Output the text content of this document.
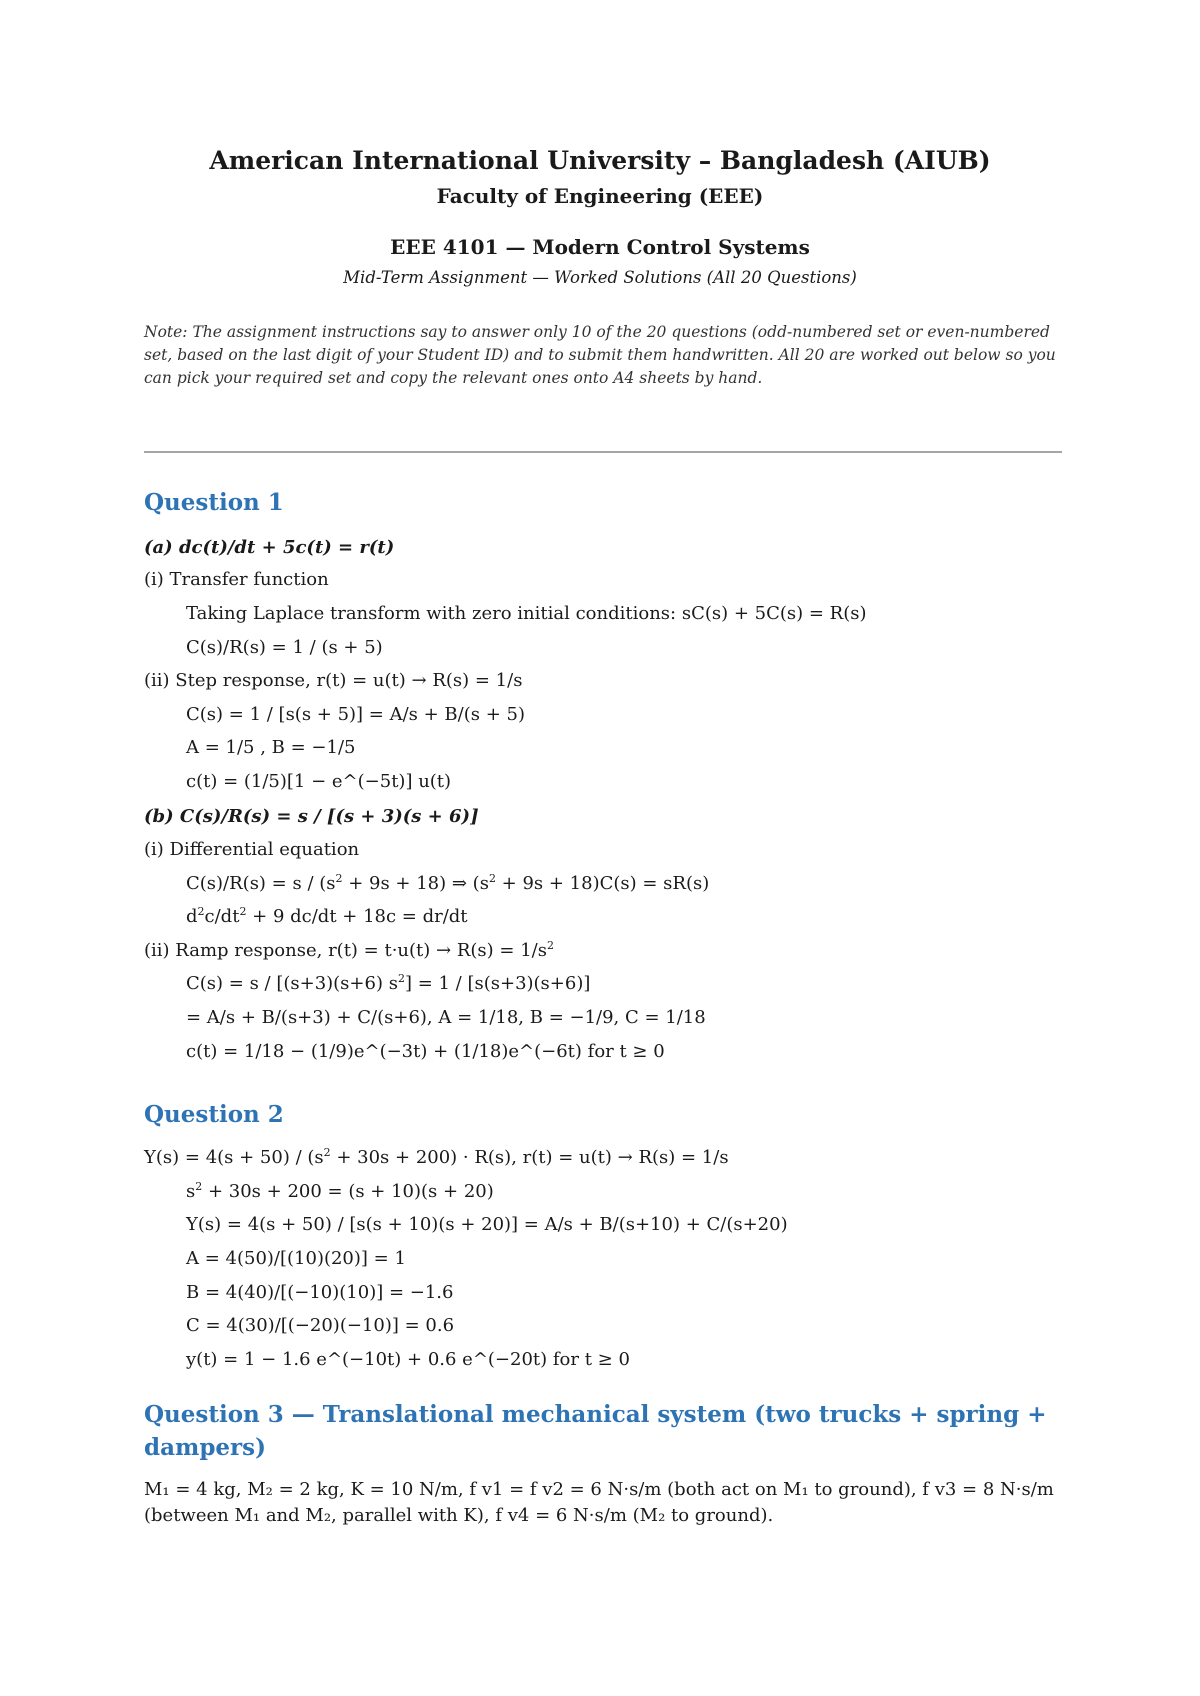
American International University – Bangladesh (AIUB)
Faculty of Engineering (EEE)
EEE 4101 — Modern Control Systems
Mid-Term Assignment — Worked Solutions (All 20 Questions)
Note: The assignment instructions say to answer only 10 of the 20 questions (odd-numbered set or even-numbered set, based on the last digit of your Student ID) and to submit them handwritten. All 20 are worked out below so you can pick your required set and copy the relevant ones onto A4 sheets by hand.
Question 1
(a) dc(t)/dt + 5c(t) = r(t)
(i) Transfer function
Taking Laplace transform with zero initial conditions: sC(s) + 5C(s) = R(s)
C(s)/R(s) = 1 / (s + 5)
(ii) Step response, r(t) = u(t) → R(s) = 1/s
C(s) = 1 / [s(s + 5)] = A/s + B/(s + 5)
A = 1/5 , B = −1/5
c(t) = (1/5)[1 − e^(−5t)] u(t)
(b) C(s)/R(s) = s / [(s + 3)(s + 6)]
(i) Differential equation
$C(s)/R(s) = s / (s^2 + 9s + 18)$ ⇒ $(s^2 + 9s + 18)C(s) = sR(s)$
$d^2c/dt^2 + 9$ dc/dt + 18c = dr/dt
(ii) Ramp response, $r(t) = t\cdot u(t) \to R(s) = 1/s^2$
C(s) = s / [(s+3)(s+6) $s^2] = 1 / [s(s+3)(s+6)]$
= A/s + B/(s+3) + C/(s+6), A = 1/18, B = −1/9, C = 1/18
c(t) = 1/18 − (1/9)e^(−3t) + (1/18)e^(−6t) for t ≥ 0
Question 2
$Y(s) = 4(s + 50) / (s^2 + 30s + 200) \cdot R(s)$, r(t) = u(t) → R(s) = 1/s
$s^2 + 30s + 200 = (s + 10)(s + 20)$
Y(s) = 4(s + 50) / [s(s + 10)(s + 20)] = A/s + B/(s+10) + C/(s+20)
A = 4(50)/[(10)(20)] = 1
B = 4(40)/[(−10)(10)] = −1.6
C = 4(30)/[(−20)(−10)] = 0.6
y(t) = 1 − 1.6 e^(−10t) + 0.6 e^(−20t) for t ≥ 0
Question 3 — Translational mechanical system (two trucks + spring + dampers)
M₁ = 4 kg, M₂ = 2 kg, K = 10 N/m, f v1 = f v2 = 6 N·s/m (both act on M₁ to ground), f v3 = 8 N·s/m (between M₁ and M₂, parallel with K), f v4 = 6 N·s/m (M₂ to ground).
